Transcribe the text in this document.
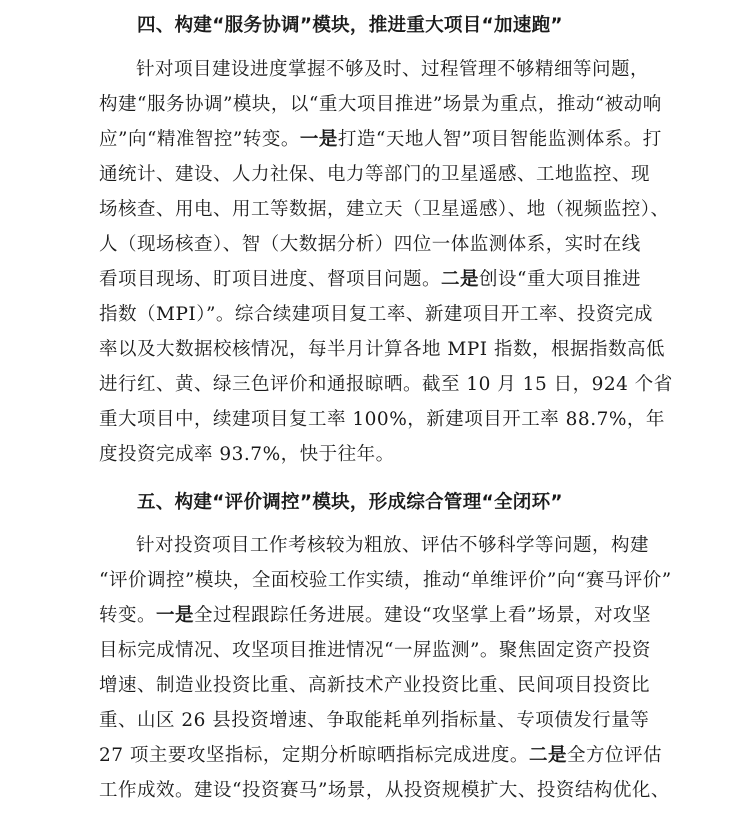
四、构建“服务协调”模块，推进重大项目“加速跑”
针对项目建设进度掌握不够及时、过程管理不够精细等问题，
构建“服务协调”模块，以“重大项目推进”场景为重点，推动“被动响
应”向“精准智控”转变。一是打造“天地人智”项目智能监测体系。打
通统计、建设、人力社保、电力等部门的卫星遥感、工地监控、现
场核查、用电、用工等数据，建立天（卫星遥感）、地（视频监控）、
人（现场核查）、智（大数据分析）四位一体监测体系，实时在线
看项目现场、盯项目进度、督项目问题。二是创设“重大项目推进
指数（MPI）”。综合续建项目复工率、新建项目开工率、投资完成
率以及大数据校核情况，每半月计算各地 MPI 指数，根据指数高低
进行红、黄、绿三色评价和通报晾晒。截至 10 月 15 日，924 个省
重大项目中，续建项目复工率 100%，新建项目开工率 88.7%，年
度投资完成率 93.7%，快于往年。
五、构建“评价调控”模块，形成综合管理“全闭环”
针对投资项目工作考核较为粗放、评估不够科学等问题，构建
“评价调控”模块，全面校验工作实绩，推动“单维评价”向“赛马评价”
转变。一是全过程跟踪任务进展。建设“攻坚掌上看”场景，对攻坚
目标完成情况、攻坚项目推进情况“一屏监测”。聚焦固定资产投资
增速、制造业投资比重、高新技术产业投资比重、民间项目投资比
重、山区 26 县投资增速、争取能耗单列指标量、专项债发行量等
27 项主要攻坚指标，定期分析晾晒指标完成进度。二是全方位评估
工作成效。建设“投资赛马”场景，从投资规模扩大、投资结构优化、
